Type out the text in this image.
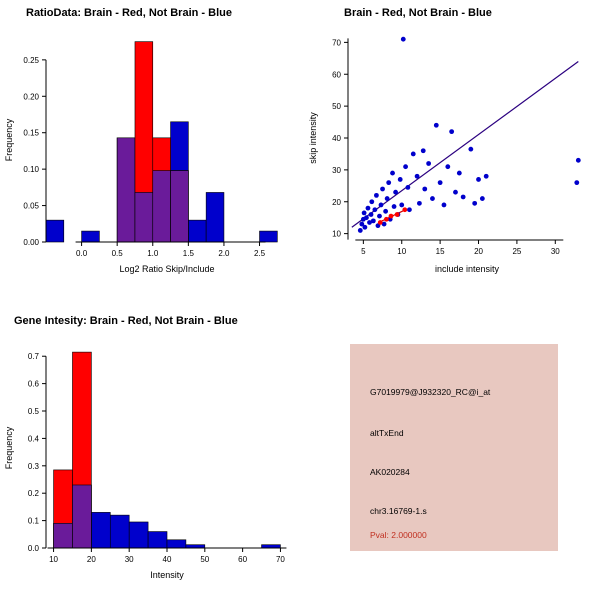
RatioData: Brain - Red, Not Brain - Blue
0.0	0.5	1.0	1.5	2.0	2.5
0.00
0.05
0.10
0.15
0.20
0.25
Log2 Ratio Skip/Include
Frequency
Brain - Red, Not Brain - Blue
5	10	15	20	25	30
10
20
30
40
50
60
70
include intensity
skip intensity
Gene Intesity: Brain - Red, Not Brain - Blue
10	20	30	40	50	60	70
0.0
0.1
0.2
0.3
0.4
0.5
0.6
0.7
Intensity
Frequency
G7019979@J932320_RC@i_at
altTxEnd
AK020284
chr3.16769-1.s
Pval: 2.000000
